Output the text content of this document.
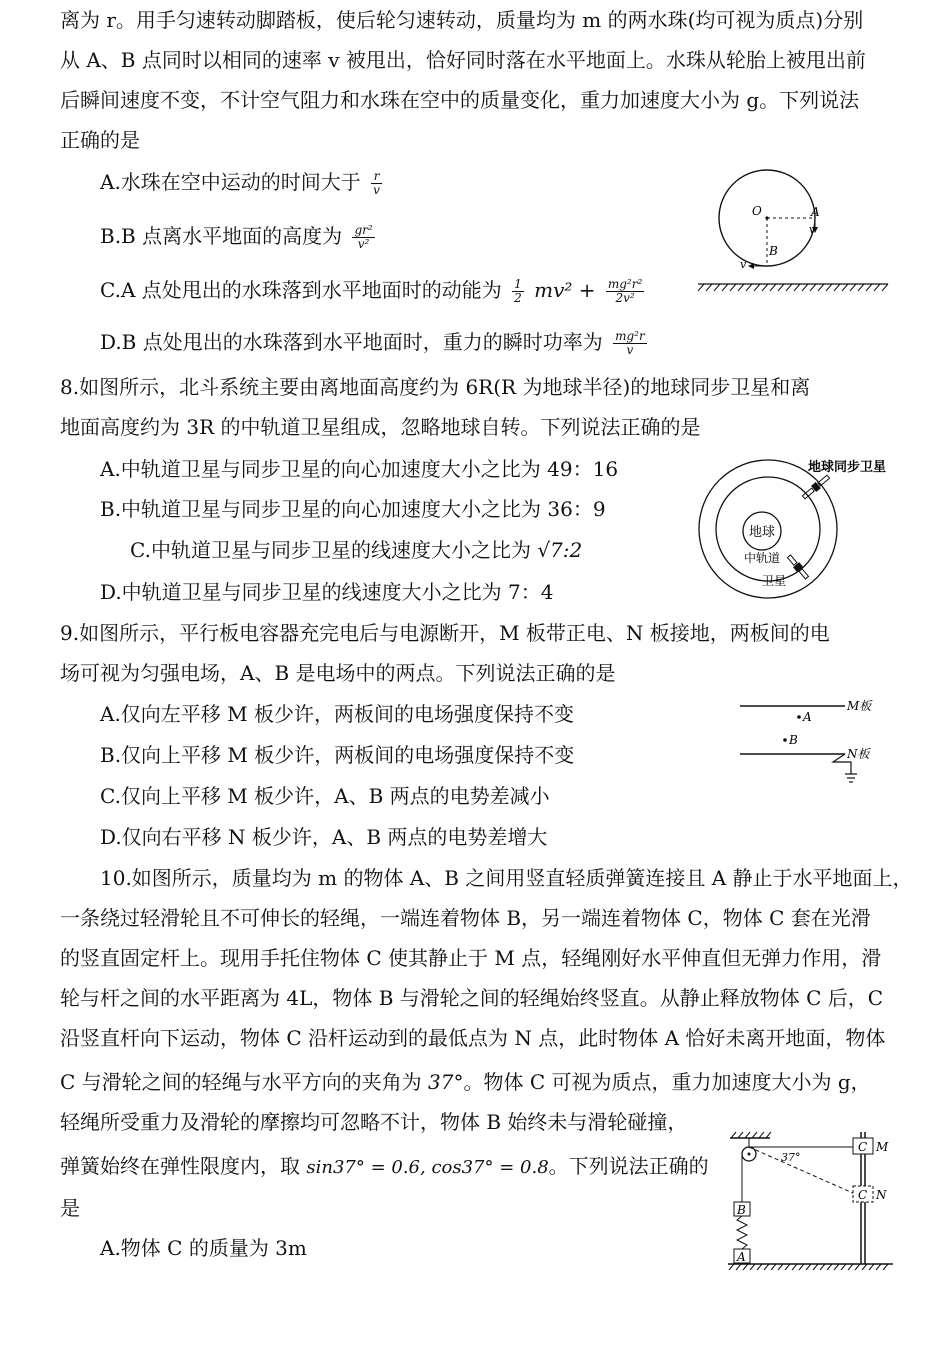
离为 r。用手匀速转动脚踏板，使后轮匀速转动，质量均为 m 的两水珠(均可视为质点)分别
从 A、B 点同时以相同的速率 v 被甩出，恰好同时落在水平地面上。水珠从轮胎上被甩出前
后瞬间速度不变，不计空气阻力和水珠在空中的质量变化，重力加速度大小为 g。下列说法
正确的是
A.水珠在空中运动的时间大于 $\frac{r}{v}$
B.B 点离水平地面的高度为 $\frac{\text{gr²}}{\text{v²}}$
C.A 点处甩出的水珠落到水平地面时的动能为 $\frac{1}{2} mv^2 + \frac{\text{mg²r²}}{\text{2v²}}$
D.B 点处甩出的水珠落到水平地面时，重力的瞬时功率为 $\frac{\text{mg²r}}{v}$
O	A
v
B
v
8.如图所示，北斗系统主要由离地面高度约为 6R(R 为地球半径)的地球同步卫星和离
地面高度约为 3R 的中轨道卫星组成，忽略地球自转。下列说法正确的是
A.中轨道卫星与同步卫星的向心加速度大小之比为 49：16
B.中轨道卫星与同步卫星的向心加速度大小之比为 36：9
C.中轨道卫星与同步卫星的线速度大小之比为 √7:2
D.中轨道卫星与同步卫星的线速度大小之比为 7：4
地球
地球同步卫星
中轨道
卫星
9.如图所示，平行板电容器充完电后与电源断开，M 板带正电、N 板接地，两板间的电
场可视为匀强电场，A、B 是电场中的两点。下列说法正确的是
A.仅向左平移 M 板少许，两板间的电场强度保持不变
B.仅向上平移 M 板少许，两板间的电场强度保持不变
C.仅向上平移 M 板少许，A、B 两点的电势差减小
D.仅向右平移 N 板少许，A、B 两点的电势差增大
M板
A
B
N板
10.如图所示，质量均为 m 的物体 A、B 之间用竖直轻质弹簧连接且 A 静止于水平地面上，
一条绕过轻滑轮且不可伸长的轻绳，一端连着物体 B，另一端连着物体 C，物体 C 套在光滑
的竖直固定杆上。现用手托住物体 C 使其静止于 M 点，轻绳刚好水平伸直但无弹力作用，滑
轮与杆之间的水平距离为 4L，物体 B 与滑轮之间的轻绳始终竖直。从静止释放物体 C 后，C
沿竖直杆向下运动，物体 C 沿杆运动到的最低点为 N 点，此时物体 A 恰好未离开地面，物体
C 与滑轮之间的轻绳与水平方向的夹角为 37°。物体 C 可视为质点，重力加速度大小为 g，
轻绳所受重力及滑轮的摩擦均可忽略不计，物体 B 始终未与滑轮碰撞，
弹簧始终在弹性限度内，取 sin37° = 0.6, cos37° = 0.8。下列说法正确的
是
A.物体 C 的质量为 3m
37°
B
A
C M
C N
